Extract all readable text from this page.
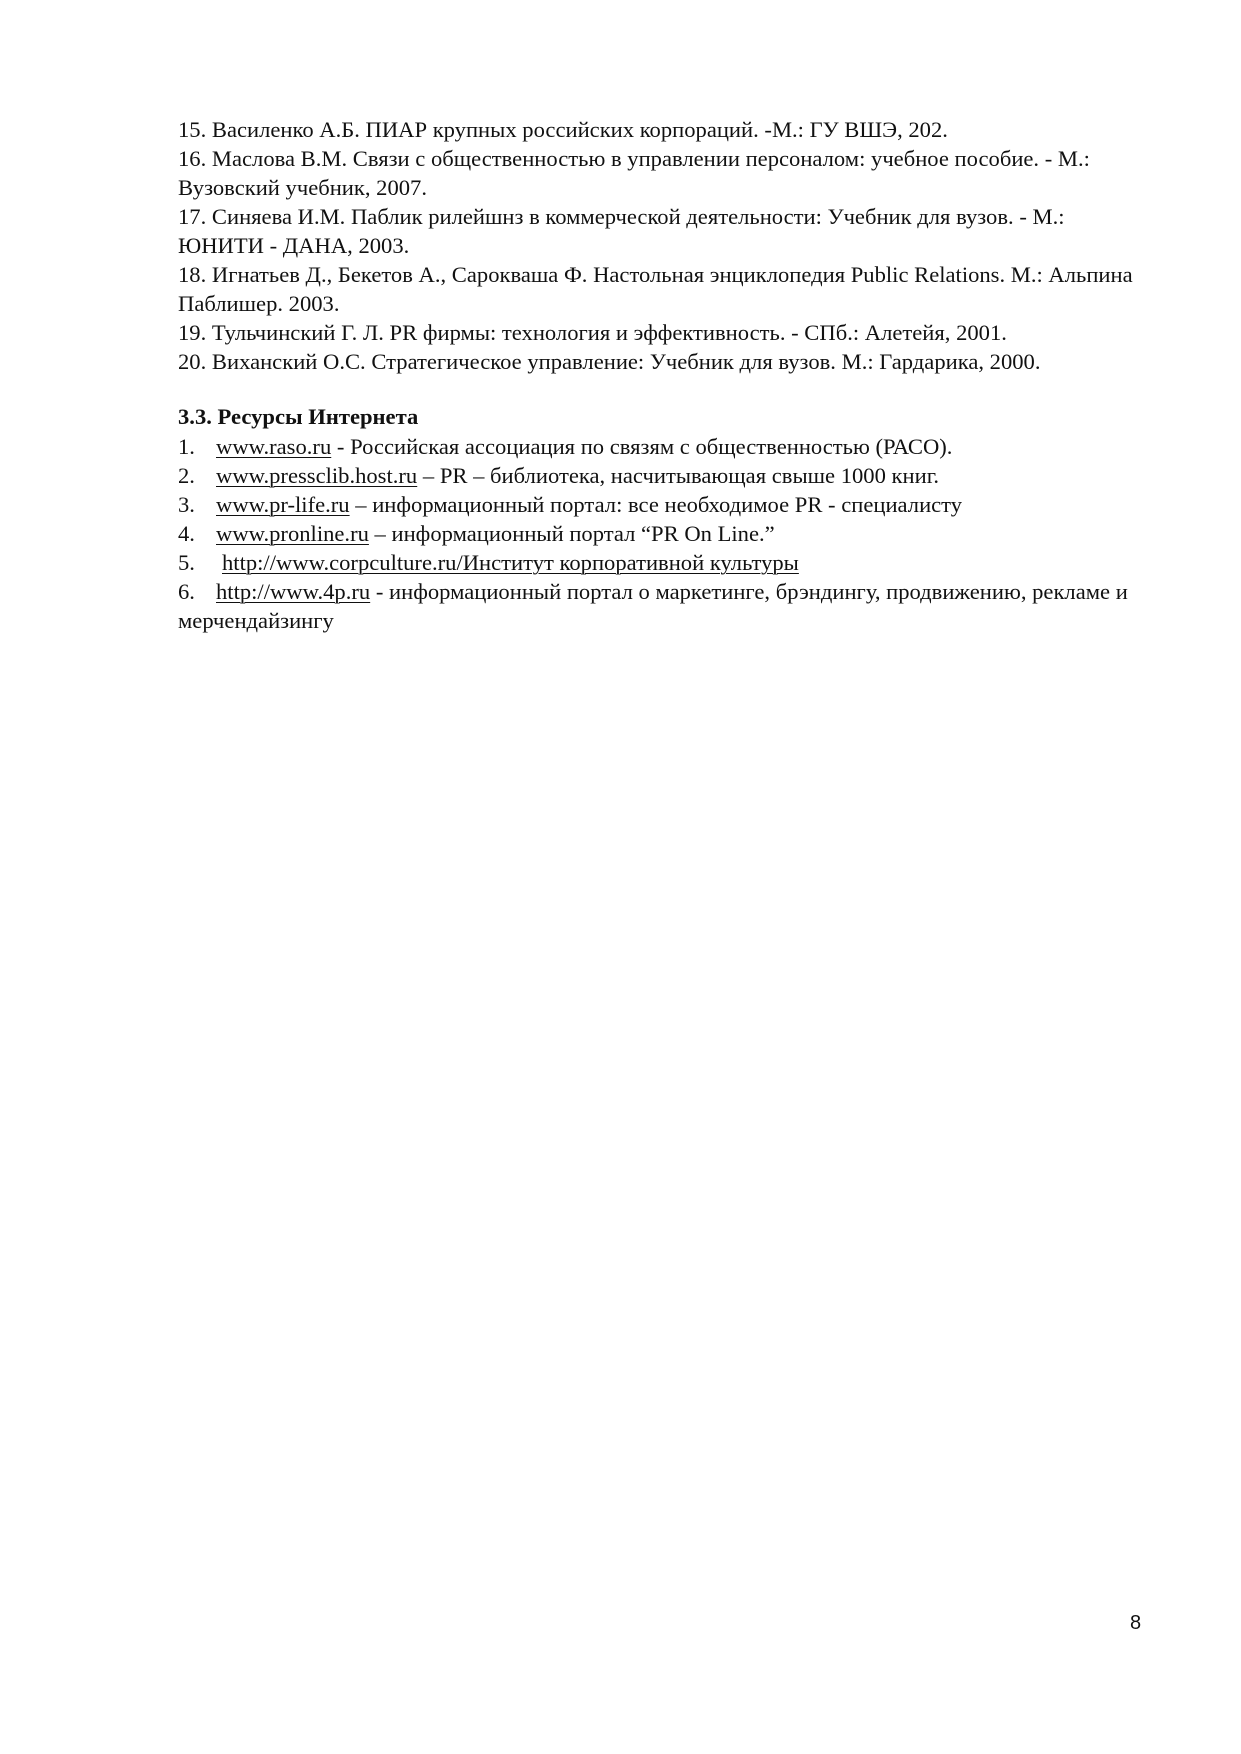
15. Василенко А.Б. ПИАР крупных российских корпораций. -М.: ГУ ВШЭ, 202.

16. Маслова В.М. Связи с общественностью в управлении персоналом: учебное пособие. - М.: Вузовский учебник, 2007.

17. Синяева И.М. Паблик рилейшнз в коммерческой деятельности: Учебник для вузов. - М.: ЮНИТИ - ДАНА, 2003.

18. Игнатьев Д., Бекетов А., Сарокваша Ф. Настольная энциклопедия Public Relations. М.: Альпина Паблишер. 2003.

19. Тульчинский Г. Л. PR фирмы: технология и эффективность. - СПб.: Алетейя, 2001.

20. Виханский О.С. Стратегическое управление: Учебник для вузов. М.: Гардарика, 2000.

3.3. Ресурсы Интернета
1. www.raso.ru - Российская ассоциация по связям с общественностью (РАСО).
2. www.pressclib.host.ru – PR – библиотека, насчитывающая свыше 1000 книг.
3. www.pr-life.ru – информационный портал: все необходимое PR - специалисту
4. www.pronline.ru – информационный портал “PR On Line.”
5. http://www.corpculture.ru/Институт корпоративной культуры
6. http://www.4p.ru - информационный портал о маркетинге, брэндингу, продвижению, рекламе и мерчендайзингу
8
